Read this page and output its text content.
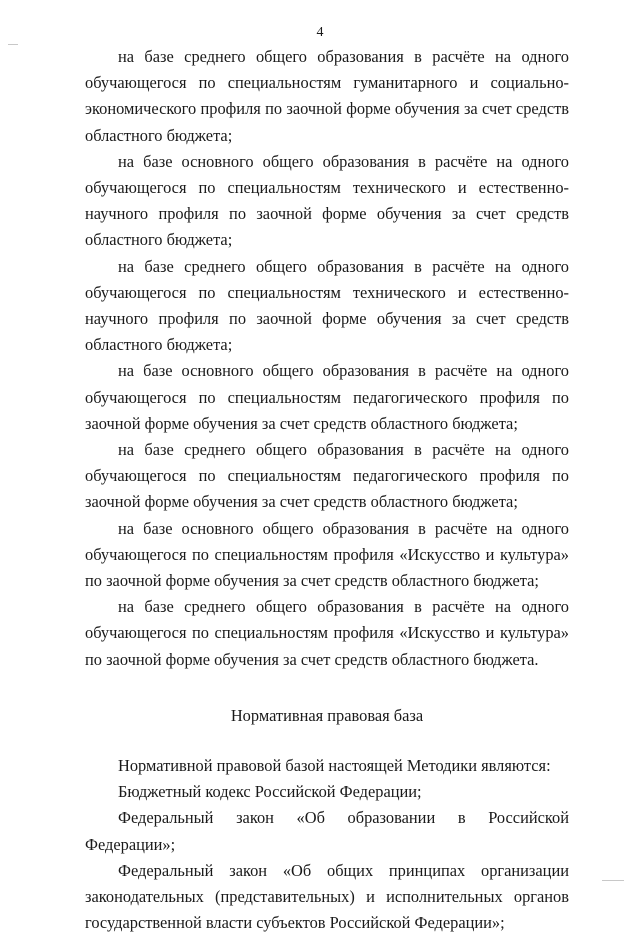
4

на базе среднего общего образования в расчёте на одного обучающегося по специальностям гуманитарного и социально-экономического профиля по заочной форме обучения за счет средств областного бюджета;

на базе основного общего образования в расчёте на одного обучающегося по специальностям технического и естественно-научного профиля по заочной форме обучения за счет средств областного бюджета;

на базе среднего общего образования в расчёте на одного обучающегося по специальностям технического и естественно-научного профиля по заочной форме обучения за счет средств областного бюджета;

на базе основного общего образования в расчёте на одного обучающегося по специальностям педагогического профиля по заочной форме обучения за счет средств областного бюджета;

на базе среднего общего образования в расчёте на одного обучающегося по специальностям педагогического профиля по заочной форме обучения за счет средств областного бюджета;

на базе основного общего образования в расчёте на одного обучающегося по специальностям профиля «Искусство и культура» по заочной форме обучения за счет средств областного бюджета;

на базе среднего общего образования в расчёте на одного обучающегося по специальностям профиля «Искусство и культура» по заочной форме обучения за счет средств областного бюджета.

Нормативная правовая база

Нормативной правовой базой настоящей Методики являются:

Бюджетный кодекс Российской Федерации;

Федеральный закон «Об образовании в Российской Федерации»;

Федеральный закон «Об общих принципах организации законодательных (представительных) и исполнительных органов государственной власти субъектов Российской Федерации»;
